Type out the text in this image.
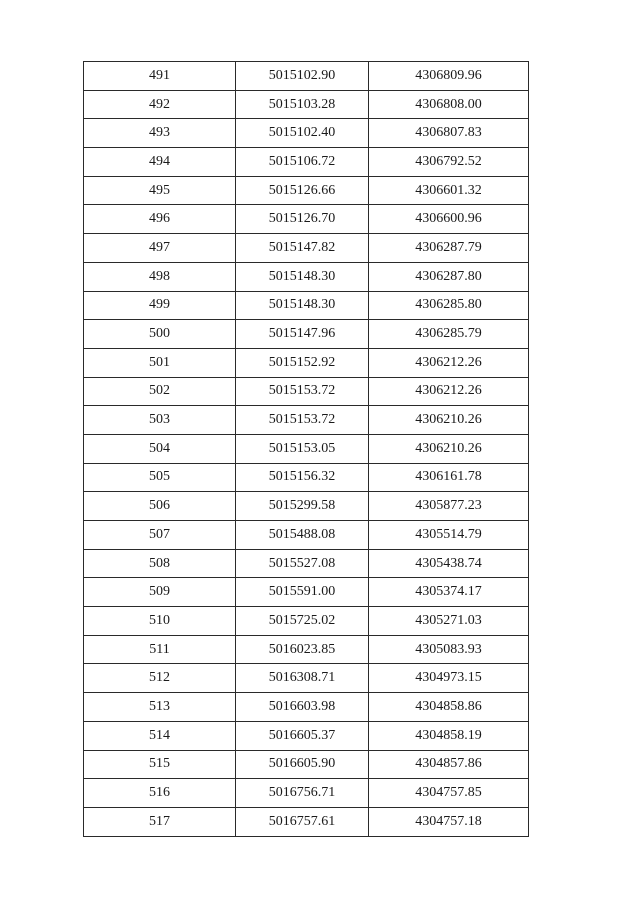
491	5015102.90	4306809.96
492	5015103.28	4306808.00
493	5015102.40	4306807.83
494	5015106.72	4306792.52
495	5015126.66	4306601.32
496	5015126.70	4306600.96
497	5015147.82	4306287.79
498	5015148.30	4306287.80
499	5015148.30	4306285.80
500	5015147.96	4306285.79
501	5015152.92	4306212.26
502	5015153.72	4306212.26
503	5015153.72	4306210.26
504	5015153.05	4306210.26
505	5015156.32	4306161.78
506	5015299.58	4305877.23
507	5015488.08	4305514.79
508	5015527.08	4305438.74
509	5015591.00	4305374.17
510	5015725.02	4305271.03
511	5016023.85	4305083.93
512	5016308.71	4304973.15
513	5016603.98	4304858.86
514	5016605.37	4304858.19
515	5016605.90	4304857.86
516	5016756.71	4304757.85
517	5016757.61	4304757.18
